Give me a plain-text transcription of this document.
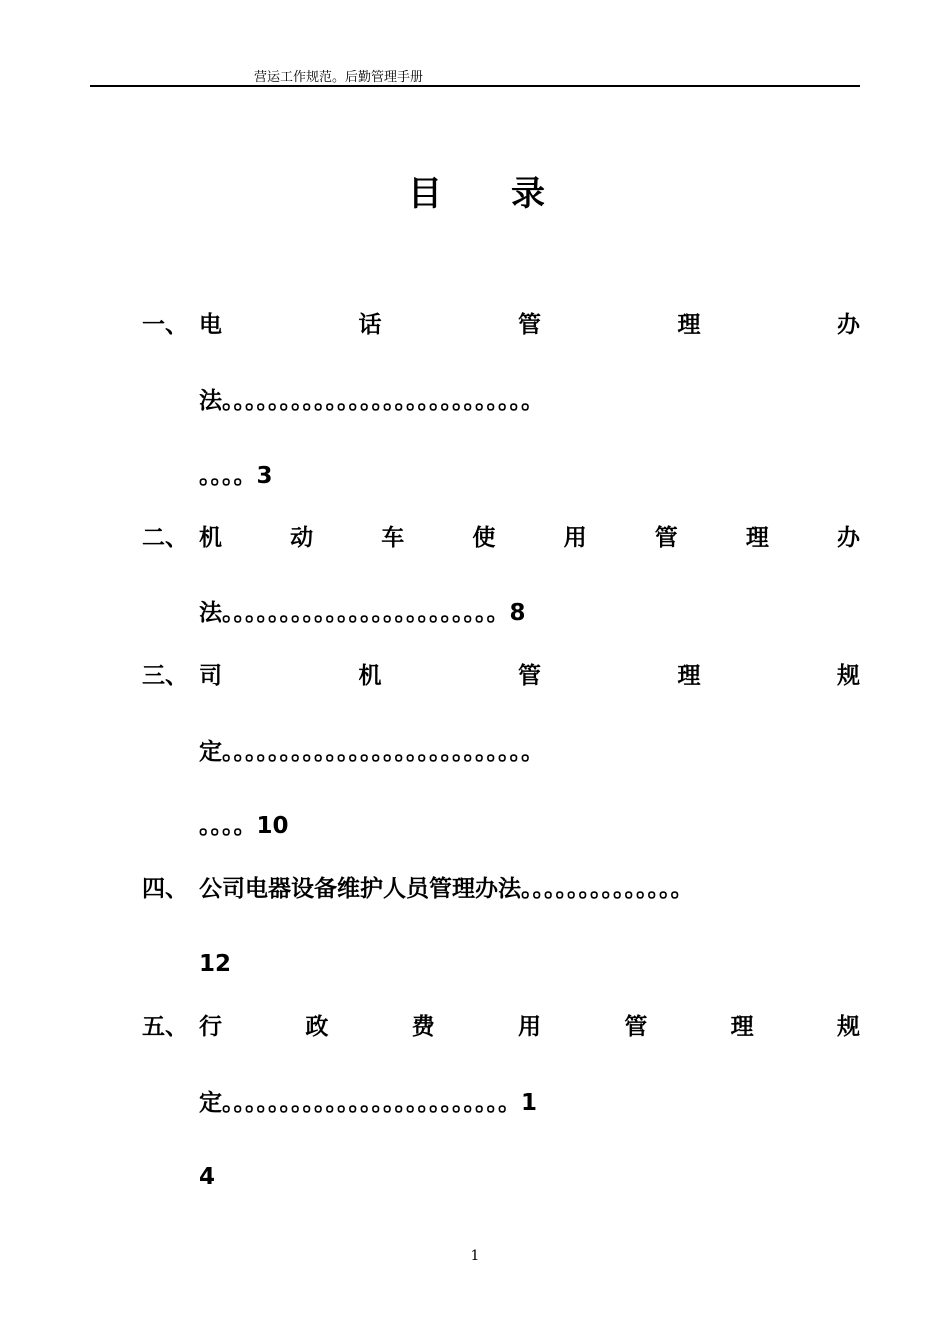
营运工作规范。后勤管理手册
目 录
一、 电	话	管	理	办
法。。。。。。。。。。。。。。。。。。。。。。。。。。。
。。。。3
二、 机	动	车	使	用	管	理	办
法。。。。。。。。。。。。。。。。。。。。。。。。8
三、 司	机	管	理	规
定。。。。。。。。。。。。。。。。。。。。。。。。。。。
。。。。10
四、 公司电器设备维护人员管理办法。。。。。。。。。。。。。。
12
五、 行	政	费	用	管	理	规
定。。。。。。。。。。。。。。。。。。。。。。。。。1
4
1
